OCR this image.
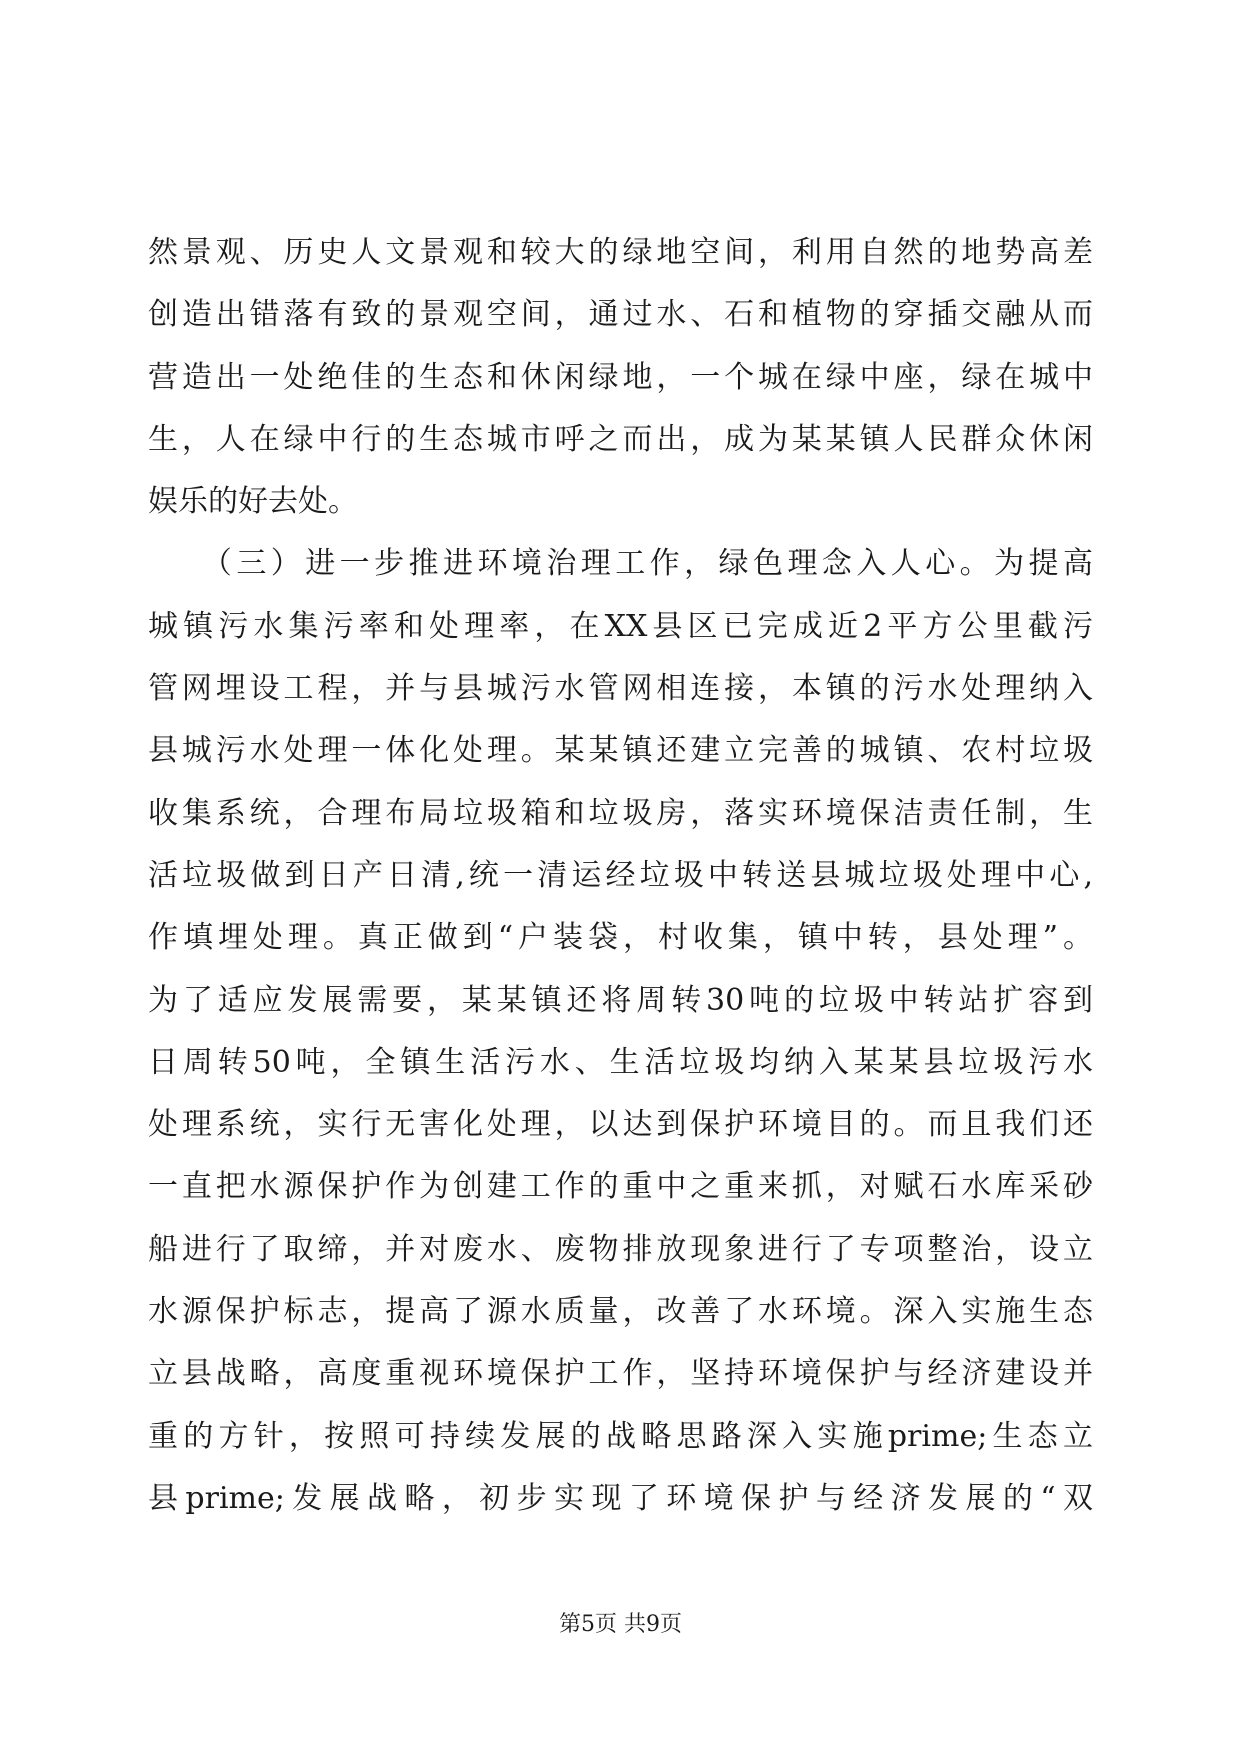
然景观、历史人文景观和较大的绿地空间，利用自然的地势高差
创造出错落有致的景观空间，通过水、石和植物的穿插交融从而
营造出一处绝佳的生态和休闲绿地，一个城在绿中座，绿在城中
生，人在绿中行的生态城市呼之而出，成为某某镇人民群众休闲
娱乐的好去处。
　　（三）进一步推进环境治理工作，绿色理念入人心。为提高
城镇污水集污率和处理率，在XX县区已完成近2平方公里截污
管网埋设工程，并与县城污水管网相连接，本镇的污水处理纳入
县城污水处理一体化处理。某某镇还建立完善的城镇、农村垃圾
收集系统，合理布局垃圾箱和垃圾房，落实环境保洁责任制，生
活垃圾做到日产日清,统一清运经垃圾中转送县城垃圾处理中心,
作填埋处理。真正做到“户装袋，村收集，镇中转，县处理”。
为了适应发展需要，某某镇还将周转30吨的垃圾中转站扩容到
日周转50吨，全镇生活污水、生活垃圾均纳入某某县垃圾污水
处理系统，实行无害化处理，以达到保护环境目的。而且我们还
一直把水源保护作为创建工作的重中之重来抓，对赋石水库采砂
船进行了取缔，并对废水、废物排放现象进行了专项整治，设立
水源保护标志，提高了源水质量，改善了水环境。深入实施生态
立县战略，高度重视环境保护工作，坚持环境保护与经济建设并
重的方针，按照可持续发展的战略思路深入实施prime;生态立
县prime;发展战略，初步实现了环境保护与经济发展的“双
第5页 共9页
